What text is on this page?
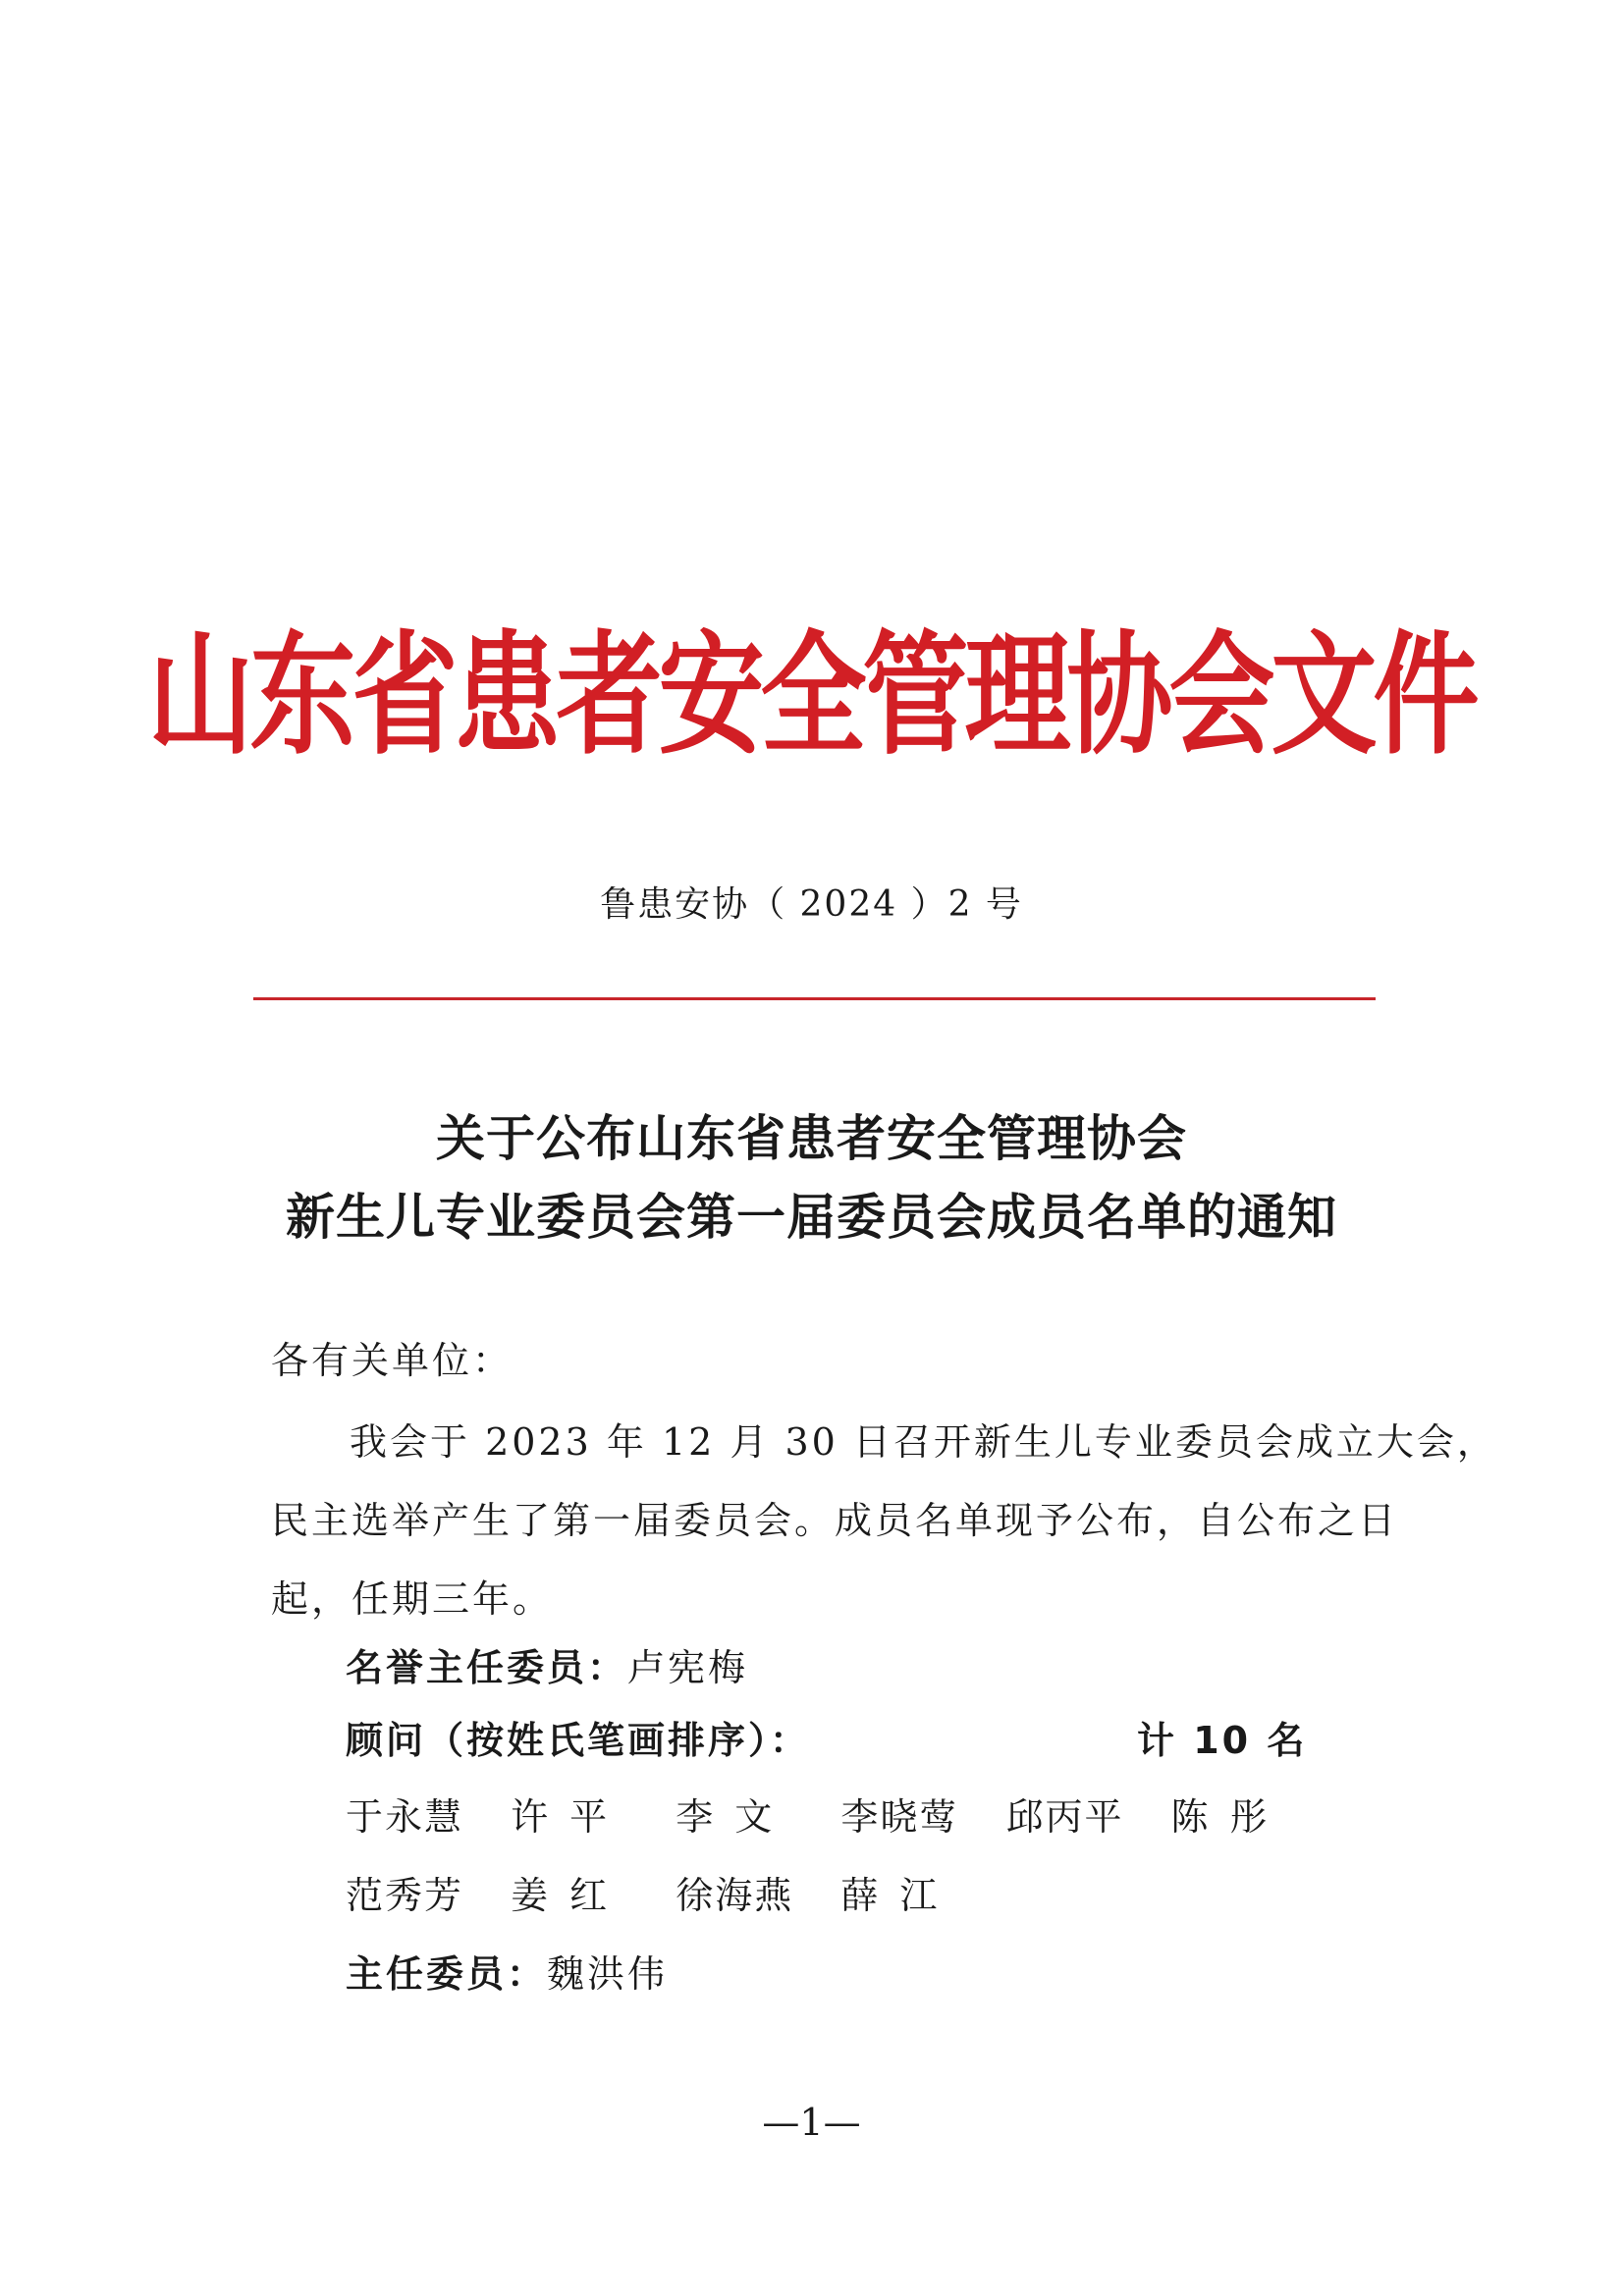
山东省患者安全管理协会文件
鲁患安协（ 2024 ）2 号
关于公布山东省患者安全管理协会
新生儿专业委员会第一届委员会成员名单的通知
各有关单位：
我会于 2023 年 12 月 30 日召开新生儿专业委员会成立大会，
民主选举产生了第一届委员会。成员名单现予公布，自公布之日
起，任期三年。
名誉主任委员：卢宪梅
顾问（按姓氏笔画排序）：	计 10 名
于永慧 许平 李文 李晓莺 邱丙平 陈彤
范秀芳 姜红 徐海燕 薛江
主任委员：魏洪伟
—1—
